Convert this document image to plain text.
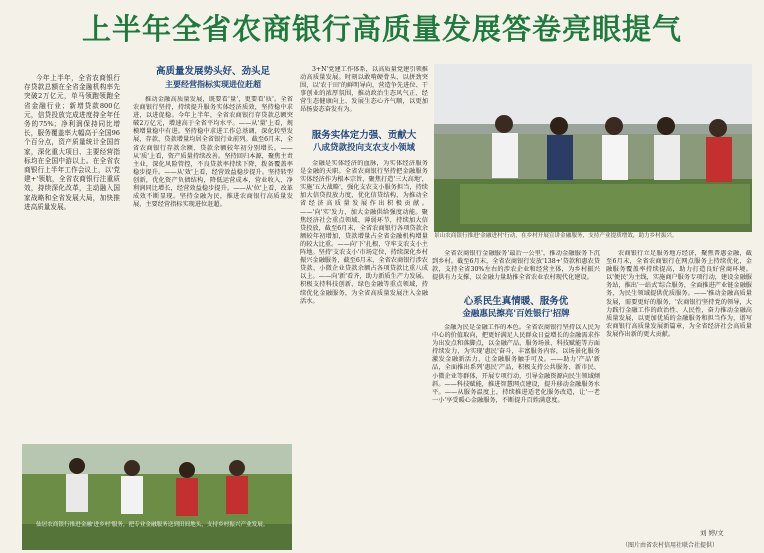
上半年全省农商银行高质量发展答卷亮眼提气

今年上半年，全省农商银行存贷款总额在全省金融机构率先突破2万亿元，单马领跑领跑全省金融行业；新增贷款800亿元，信贷投放完成进度持全年任务的75%；净利润保持同比增长，服务覆盖率大幅高于全国96个百分点，资产质量统计全国首家，深化重大项目、主要经营指标均在全国中游以上。在全省农商银行上半年工作会议上，以'党建+'领航，全省农商银行注重质效，持续深化改革，主动融入国家战略和全省发展大局，加快推进高质量发展。

高质量发展势头好、劲头足
主要经营指标实现进位赶超

推动金融高质量发展，既要看'量'，更要看'质'。全省农商银行坚持，持续提升服务实体经济质效，坚持稳中求进，以进促稳。今年上半年，全省农商银行存贷款总额突破2万亿元，增速高于全省平均水平。——从'量'上看，规模增量稳中有进。坚持稳中求进工作总基调，深化转型发展，存款、贷款增量均居全省银行业前列。截至6月末，全省农商银行存款余额、贷款余额较年初分别增长。——从'质'上看，资产质量持续改善。坚持回归本源，聚焦主责主业，深化风险管控，不良贷款率持续下降，拨备覆盖率稳步提升。——从'效'上看，经营效益稳步提升。坚持转型创新，优化资产负债结构，降低运营成本，营业收入、净利润同比增长，经营效益稳步提升。——从'位'上看，改革成效不断显现。坚持金融为民，推进农商银行高质量发展，主要经营指标实现进位赶超。

3+N'党建工作体系，以高质量党建引领推动高质量发展。时刻以敢啃硬骨头、以拼劲突围，以'农于田'的鲜明导向，营造争先进位、干事创业的浓厚氛围，推动政治生态风气正、经营生态健康向上、发展生态心齐气顺，以更加昂扬姿态奋发有为。

服务实体定力强、贡献大
八成贷款投向支农支小领域

金融是实体经济的血脉，为实体经济服务是金融的天职。全省农商银行坚持把金融服务实体经济作为根本宗旨，聚焦打造'三大高地'，实施'五大战略'，强化支农支小服务担当，持续加大信贷投放力度，优化信贷结构，为推动全省经济高质量发展作出积极贡献。——'向'实'发力，加大金融供给强度动能。聚焦经济社会重点领域、薄弱环节，持续加大信贷投放，截至6月末，全省农商银行各项贷款余额较年初增加，贷款增量占全省金融机构增量的较大比重。——向'下'扎根，守牢支农支小主阵地。坚持'支农支小'市场定位，持续深化乡村振兴金融服务，截至6月末，全省农商银行涉农贷款、小微企业贷款余额占各项贷款比重八成以上。——向'新'看齐，助力新质生产力发展。积极支持科技创新、绿色金融等重点领域，持续优化金融服务，为全省高质量发展注入金融活水。

景山农商银行推进'金融进村'行动，在乡村开展宣讲金融服务，支持产业提质增效，助力乡村振兴。

全省农商银行金融服务'最后一公里'，推动金融服务下沉到乡村。截至6月末，全省农商银行发放'138+'贷款和惠农贷款，支持全省30%左右的涉农企业和经营主体，为乡村振兴提供有力支撑，以金融力量助推全省农业农村现代化建设。

心系民生真情暖、服务优
金融惠民擦亮'百姓银行'招牌

金融为民是金融工作的本色。全省农商银行坚持以人民为中心的价值取向，把更好满足人民群众日益增长的金融需求作为出发点和落脚点，以金融产品、服务场景、科技赋能等方面持续发力，为实现'惠民'奋斗，丰富服务内容，以场景化服务激发金融新活力，让金融服务触手可及。——助力'产品'新品，全面推出系列'惠民'产品，积极支持公共服务、新市民、小微企业等群体，开展专项行动，引导金融资源向民生领域倾斜。——科技赋能，推进智慧网点建设，提升移动金融服务水平。——从服务温度上，持续推进适老化服务改造，让'一老一小'享受暖心金融服务，不断提升百姓满意度。

农商银行立足服务地方经济，聚焦普惠金融，截至6月末，全省农商银行在网点服务上持续优化，金融服务覆盖率持续提高，助力打造良好营商环境。以'便民'为主线，实施商户服务专项行动，建设金融服务站，推出'一站式'综合服务，全面推进产业链金融服务，为民生领域提供优质服务。——'推动金融高质量发展，需要更好的服务，'农商银行坚持党的领导，大力践行金融工作的政治性、人民性，奋力推动金融高质量发展，以更加优质的金融服务和担当作为，谱写农商银行高质量发展新篇章，为全省经济社会高质量发展作出新的更大贡献。

刘 婷/文
（图片由省农村信用社联合社提供）
仙居农商银行推进金融'进乡村'服务，把专业金融服务送到田间地头，支持乡村振兴产业发展。
